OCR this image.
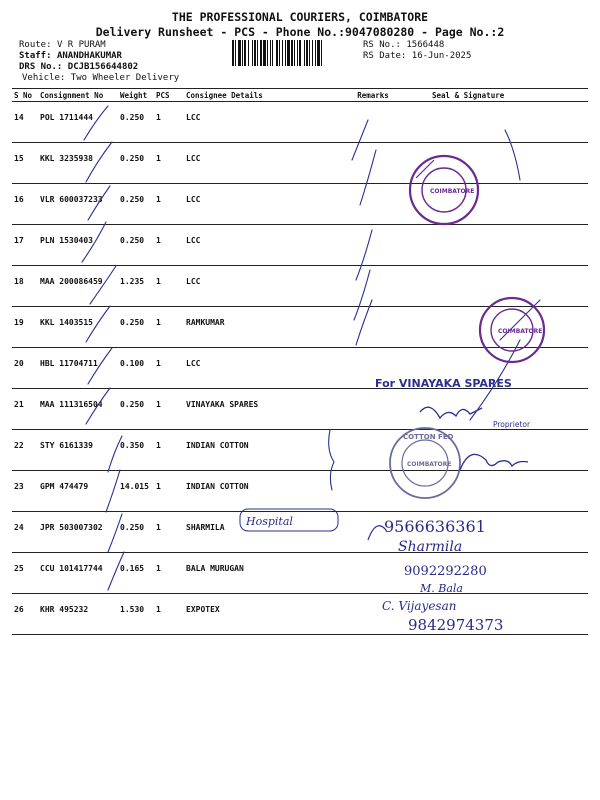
THE PROFESSIONAL COURIERS, COIMBATORE
Delivery Runsheet - PCS - Phone No.:9047080280 - Page No.:2
Route: V R PURAM
Staff: ANANDHAKUMAR
DRS No.: DCJB156644802
Vehicle: Two Wheeler Delivery
RS No.: 1566448
RS Date: 16-Jun-2025
S No	Consignment No	Weight	PCS	Consignee Details	Remarks	Seal & Signature
14	POL 1711444	0.250	1	LCC		
15	KKL 3235938	0.250	1	LCC		
16	VLR 600037233	0.250	1	LCC		
17	PLN 1530403	0.250	1	LCC		
18	MAA 200086459	1.235	1	LCC		
19	KKL 1403515	0.250	1	RAMKUMAR		
20	HBL 11704711	0.100	1	LCC		
21	MAA 111316504	0.250	1	VINAYAKA SPARES		
22	STY 6161339	0.350	1	INDIAN COTTON		
23	GPM 474479	14.015	1	INDIAN COTTON		
24	JPR 503007302	0.250	1	SHARMILA		
25	CCU 101417744	0.165	1	BALA MURUGAN		
26	KHR 495232	1.530	1	EXPOTEX		
COIMBATORE
COIMBATORE
COTTON FED
COIMBATORE
For VINAYAKA SPARES
Proprietor
Hospital	9566636361
Sharmila
9092292280
M. Bala
C. Vijayesan
9842974373
